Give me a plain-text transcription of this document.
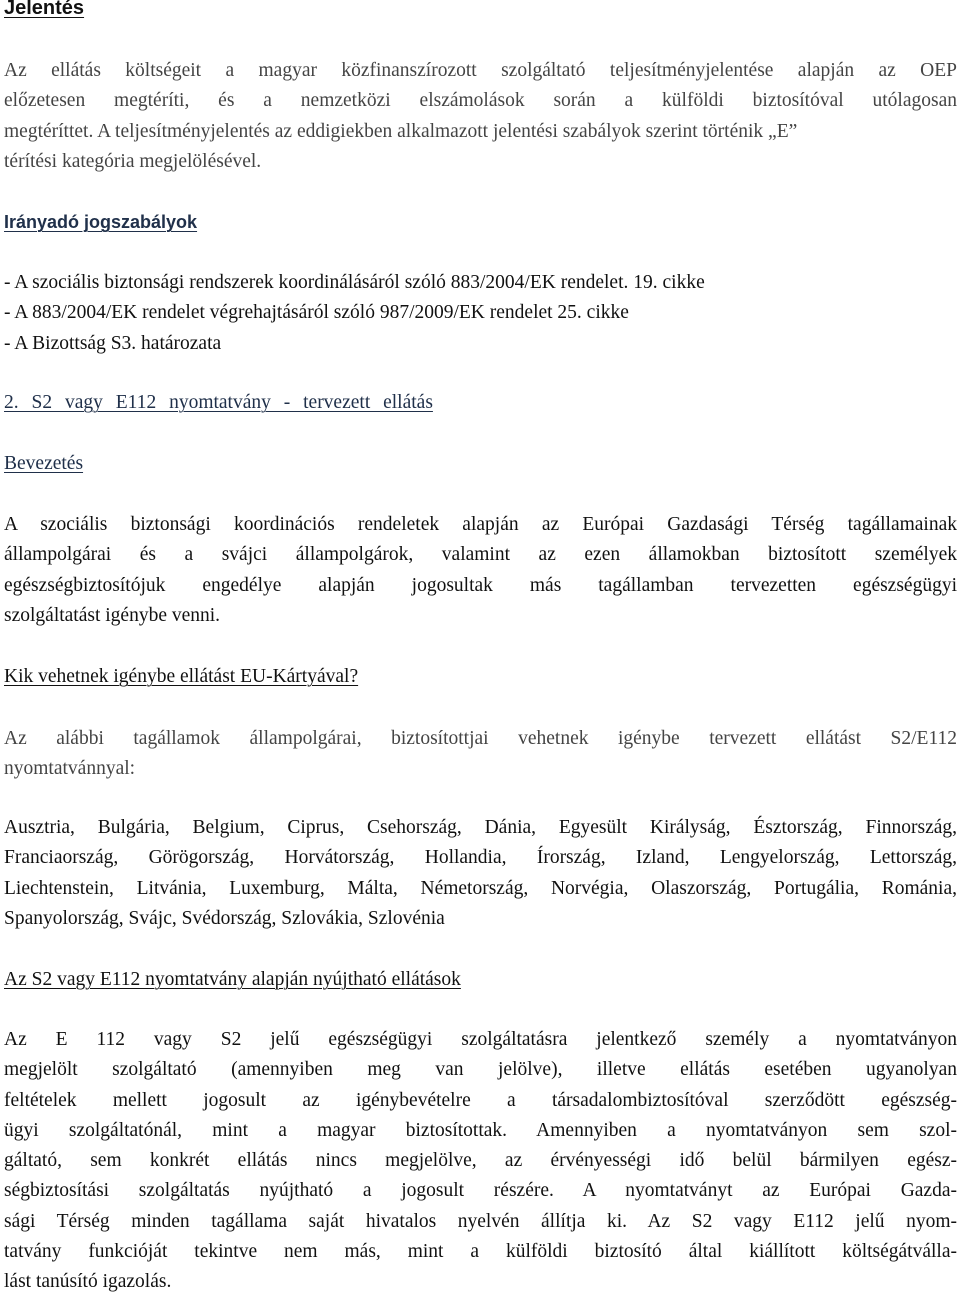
Jelentés
Az ellátás költségeit a magyar közfinanszírozott szolgáltató teljesítményjelentése alapján az OEP
előzetesen megtéríti, és a nemzetközi elszámolások során a külföldi biztosítóval utólagosan
megtéríttet. A teljesítményjelentés az eddigiekben alkalmazott jelentési szabályok szerint történik „E”
térítési kategória megjelölésével.
Irányadó jogszabályok
- A szociális biztonsági rendszerek koordinálásáról szóló 883/2004/EK rendelet. 19. cikke
- A 883/2004/EK rendelet végrehajtásáról szóló 987/2009/EK rendelet 25. cikke
- A Bizottság S3. határozata
2. S2 vagy E112 nyomtatvány - tervezett ellátás
Bevezetés
A szociális biztonsági koordinációs rendeletek alapján az Európai Gazdasági Térség tagállamainak
állampolgárai és a svájci állampolgárok, valamint az ezen államokban biztosított személyek
egészségbiztosítójuk engedélye alapján jogosultak más tagállamban tervezetten egészségügyi
szolgáltatást igénybe venni.
Kik vehetnek igénybe ellátást EU-Kártyával?
Az alábbi tagállamok állampolgárai, biztosítottjai vehetnek igénybe tervezett ellátást S2/E112
nyomtatvánnyal:
Ausztria, Bulgária, Belgium, Ciprus, Csehország, Dánia, Egyesült Királyság, Észtország, Finnország,
Franciaország, Görögország, Horvátország, Hollandia, Írország, Izland, Lengyelország, Lettország,
Liechtenstein, Litvánia, Luxemburg, Málta, Németország, Norvégia, Olaszország, Portugália, Románia,
Spanyolország, Svájc, Svédország, Szlovákia, Szlovénia
Az S2 vagy E112 nyomtatvány alapján nyújtható ellátások
Az E 112 vagy S2 jelű egészségügyi szolgáltatásra jelentkező személy a nyomtatványon
megjelölt szolgáltató (amennyiben meg van jelölve), illetve ellátás esetében ugyanolyan
feltételek mellett jogosult az igénybevételre a társadalombiztosítóval szerződött egészség-
ügyi szolgáltatónál, mint a magyar biztosítottak. Amennyiben a nyomtatványon sem szol-
gáltató, sem konkrét ellátás nincs megjelölve, az érvényességi idő belül bármilyen egész-
ségbiztosítási szolgáltatás nyújtható a jogosult részére. A nyomtatványt az Európai Gazda-
sági Térség minden tagállama saját hivatalos nyelvén állítja ki. Az S2 vagy E112 jelű nyom-
tatvány funkcióját tekintve nem más, mint a külföldi biztosító által kiállított költségátválla-
lást tanúsító igazolás.
